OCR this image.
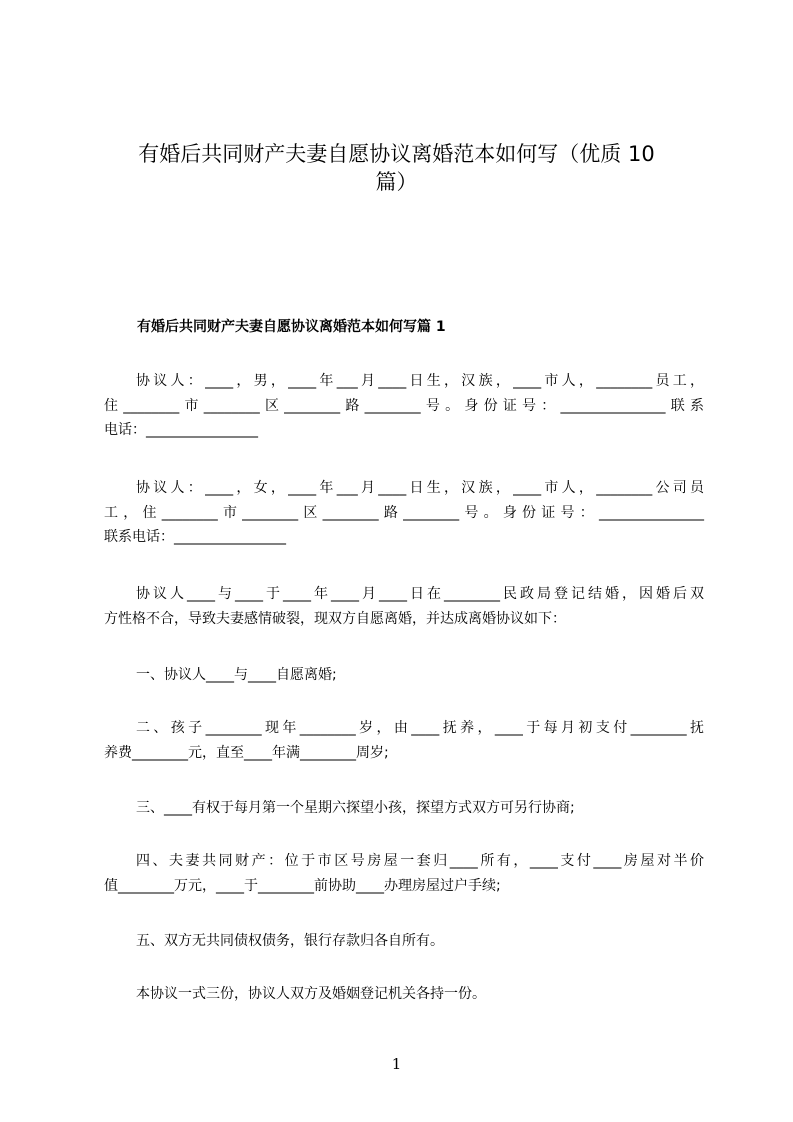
有婚后共同财产夫妻自愿协议离婚范本如何写（优质 10
篇）
有婚后共同财产夫妻自愿协议离婚范本如何写篇 1
协议人：____，男，____年___月____日生，汉族，____市人，________员工，
住________市________区________路________号。身份证号：_______________联系
电话：________________
协议人：____，女，____年___月____日生，汉族，____市人，________公司员
工，住________市________区________路________号。身份证号：_______________
联系电话：________________
协议人____与____于____年____月____日在________民政局登记结婚，因婚后双
方性格不合，导致夫妻感情破裂，现双方自愿离婚，并达成离婚协议如下：
一、协议人____与____自愿离婚;
二、孩子________现年________岁，由____抚养，____于每月初支付________抚
养费________元，直至____年满________周岁;
三、____有权于每月第一个星期六探望小孩，探望方式双方可另行协商;
四、夫妻共同财产：位于市区号房屋一套归____所有，____支付____房屋对半价
值________万元，____于________前协助____办理房屋过户手续;
五、双方无共同债权债务，银行存款归各自所有。
本协议一式三份，协议人双方及婚姻登记机关各持一份。
1
